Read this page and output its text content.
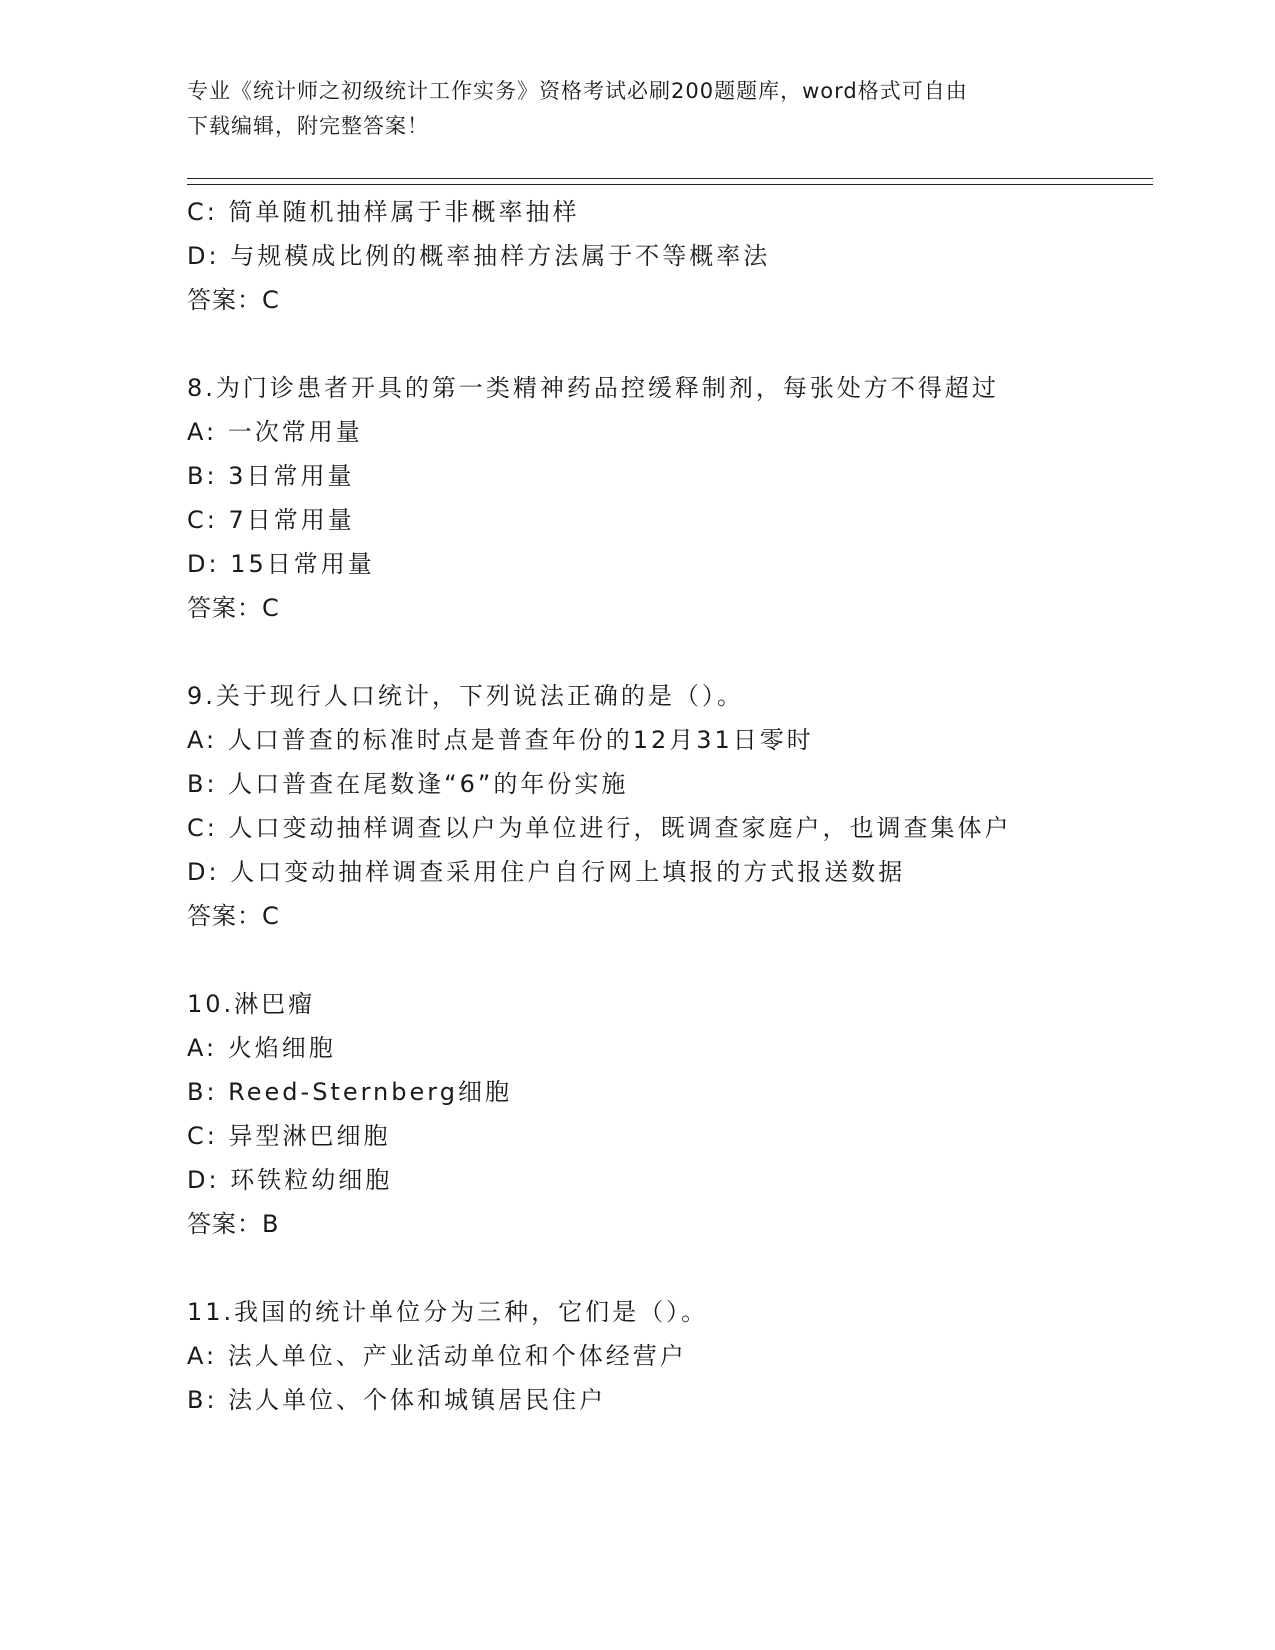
专业《统计师之初级统计工作实务》资格考试必刷200题题库，word格式可自由
下载编辑，附完整答案！
C: 简单随机抽样属于非概率抽样
D: 与规模成比例的概率抽样方法属于不等概率法
答案：C
8.为门诊患者开具的第一类精神药品控缓释制剂，每张处方不得超过
A: 一次常用量
B: 3日常用量
C: 7日常用量
D: 15日常用量
答案：C
9.关于现行人口统计，下列说法正确的是（）。
A: 人口普查的标准时点是普查年份的12月31日零时
B: 人口普查在尾数逢“6”的年份实施
C: 人口变动抽样调查以户为单位进行，既调查家庭户，也调查集体户
D: 人口变动抽样调查采用住户自行网上填报的方式报送数据
答案：C
10.淋巴瘤
A: 火焰细胞
B: Reed-Sternberg细胞
C: 异型淋巴细胞
D: 环铁粒幼细胞
答案：B
11.我国的统计单位分为三种，它们是（）。
A: 法人单位、产业活动单位和个体经营户
B: 法人单位、个体和城镇居民住户
